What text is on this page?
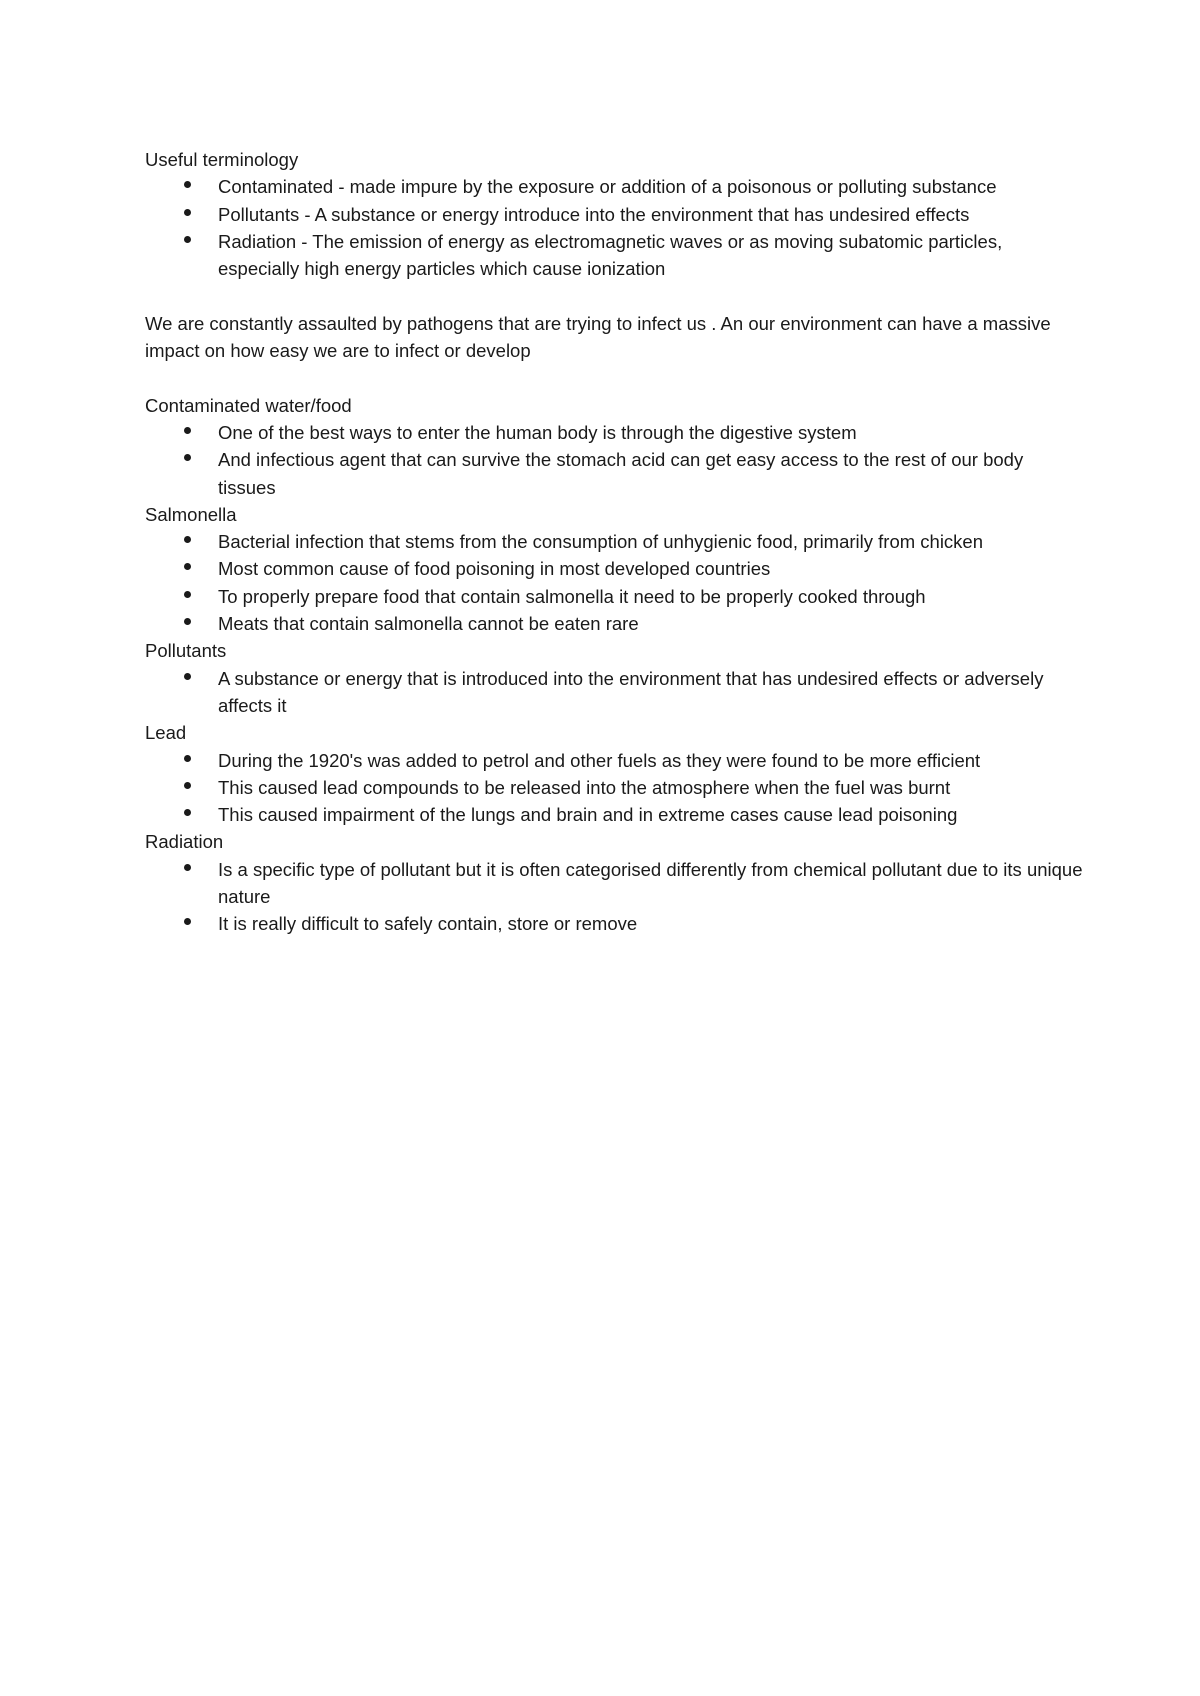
Useful terminology
Contaminated - made impure by the exposure or addition of a poisonous or polluting substance
Pollutants - A substance or energy introduce into the environment that has undesired effects
Radiation - The emission of energy as electromagnetic waves or as moving subatomic particles, especially high energy particles which cause ionization

We are constantly assaulted by pathogens that are trying to infect us . An our environment can have a massive impact on how easy we are to infect or develop

Contaminated water/food
One of the best ways to enter the human body is through the digestive system
And infectious agent that can survive the stomach acid can get easy access to the rest of our body tissues
Salmonella
Bacterial infection that stems from the consumption of unhygienic food, primarily from chicken
Most common cause of food poisoning in most developed countries
To properly prepare food that contain salmonella it need to be properly cooked through
Meats that contain salmonella cannot be eaten rare
Pollutants
A substance or energy that is introduced into the environment that has undesired effects or adversely affects it
Lead
During the 1920's was added to petrol and other fuels as they were found to be more efficient
This caused lead compounds to be released into the atmosphere when the fuel was burnt
This caused impairment of the lungs and brain and in extreme cases cause lead poisoning
Radiation
Is a specific type of pollutant but it is often categorised differently from chemical pollutant due to its unique nature
It is really difficult to safely contain, store or remove
